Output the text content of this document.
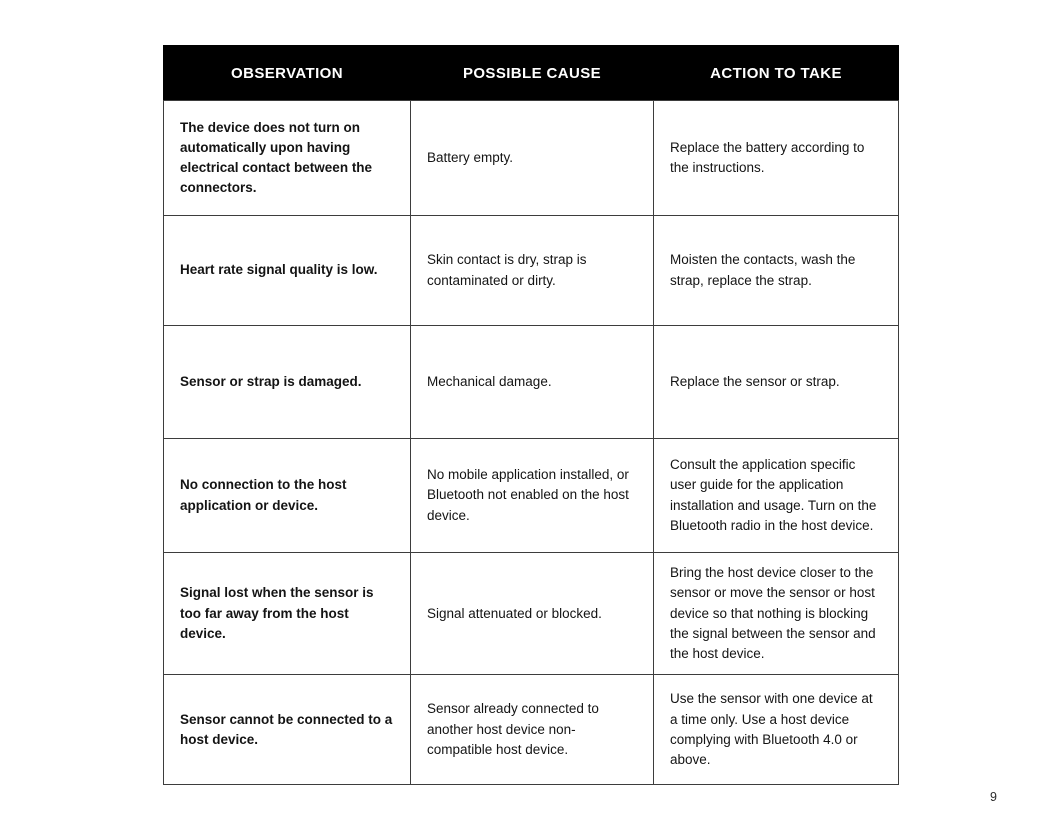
OBSERVATION	POSSIBLE CAUSE	ACTION TO TAKE
The device does not turn on automatically upon having electrical contact between the connectors.	Battery empty.	Replace the battery according to the instructions.
Heart rate signal quality is low.	Skin contact is dry, strap is contaminated or dirty.	Moisten the contacts, wash the strap, replace the strap.
Sensor or strap is damaged.	Mechanical damage.	Replace the sensor or strap.
No connection to the host application or device.	No mobile application installed, or Bluetooth not enabled on the host device.	Consult the application specific user guide for the application installation and usage. Turn on the Bluetooth radio in the host device.
Signal lost when the sensor is too far away from the host device.	Signal attenuated or blocked.	Bring the host device closer to the sensor or move the sensor or host device so that nothing is blocking the signal between the sensor and the host device.
Sensor cannot be connected to a host device.	Sensor already connected to another host device non-compatible host device.	Use the sensor with one device at a time only. Use a host device complying with Bluetooth 4.0 or above.
9
